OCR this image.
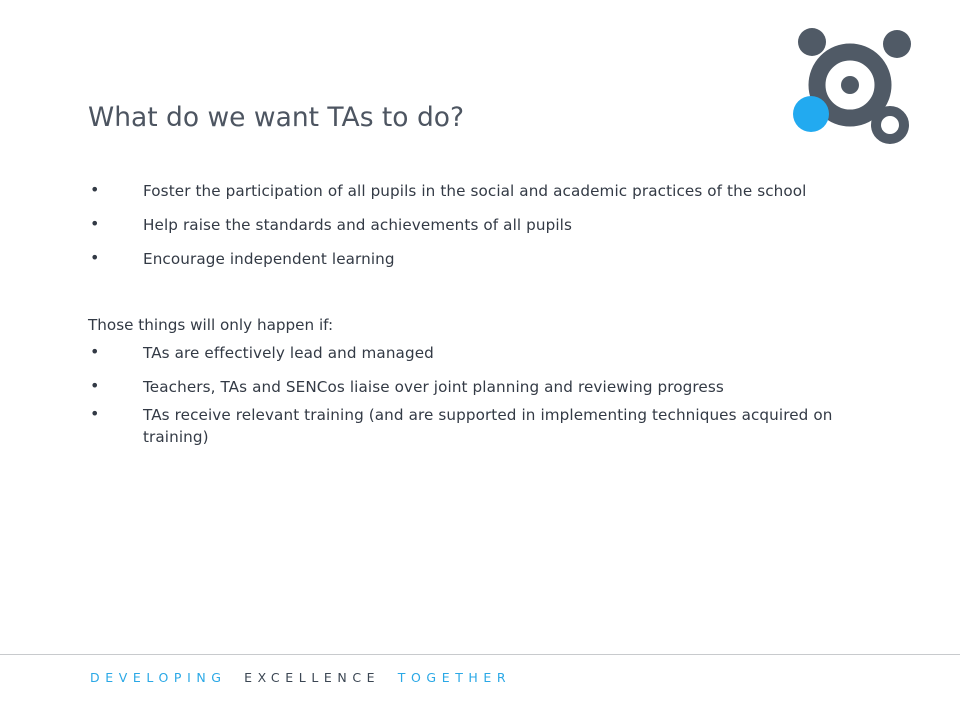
What do we want TAs to do?
•	Foster the participation of all pupils in the social and academic practices of the school
•	Help raise the standards and achievements of all pupils
•	Encourage independent learning
Those things will only happen if:
•	TAs are effectively lead and managed
•	Teachers, TAs and SENCos liaise over joint planning and reviewing progress
•	TAs receive relevant training (and are supported in implementing techniques acquired on training)
DEVELOPING EXCELLENCE TOGETHER
